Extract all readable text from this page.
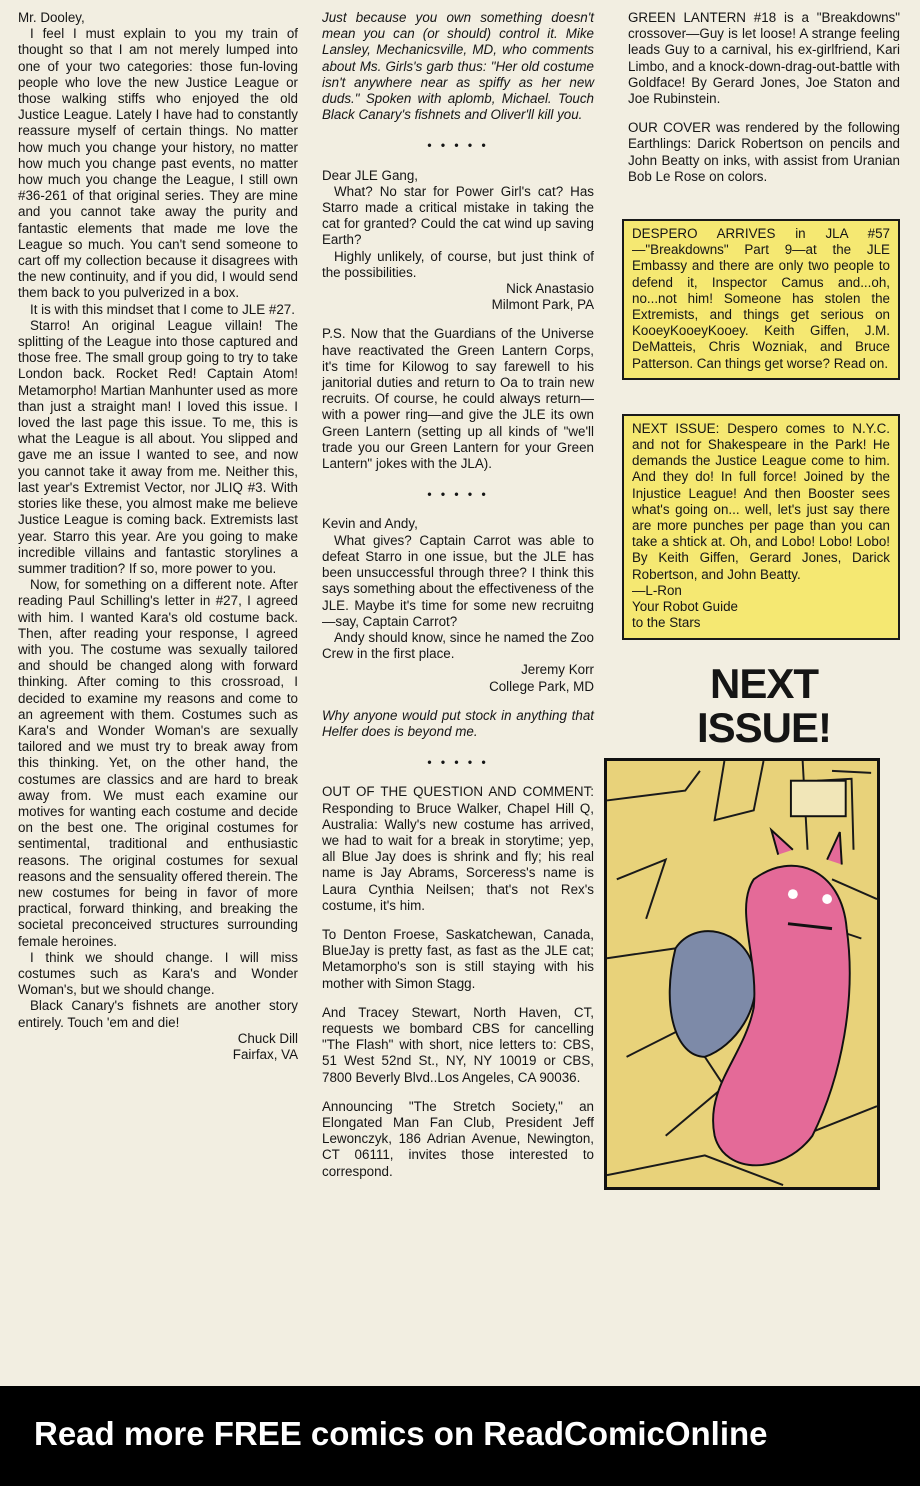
Mr. Dooley,

I feel I must explain to you my train of thought so that I am not merely lumped into one of your two categories: those fun-loving people who love the new Justice League or those walking stiffs who enjoyed the old Justice League. Lately I have had to constantly reassure myself of certain things. No matter how much you change your history, no matter how much you change past events, no matter how much you change the League, I still own #36-261 of that original series. They are mine and you cannot take away the purity and fantastic elements that made me love the League so much. You can't send someone to cart off my collection because it disagrees with the new continuity, and if you did, I would send them back to you pulverized in a box.

It is with this mindset that I come to JLE #27.

Starro! An original League villain! The splitting of the League into those captured and those free. The small group going to try to take London back. Rocket Red! Captain Atom! Metamorpho! Martian Manhunter used as more than just a straight man! I loved this issue. I loved the last page this issue. To me, this is what the League is all about. You slipped and gave me an issue I wanted to see, and now you cannot take it away from me. Neither this, last year's Extremist Vector, nor JLIQ #3. With stories like these, you almost make me believe Justice League is coming back. Extremists last year. Starro this year. Are you going to make incredible villains and fantastic storylines a summer tradition? If so, more power to you.

Now, for something on a different note. After reading Paul Schilling's letter in #27, I agreed with him. I wanted Kara's old costume back. Then, after reading your response, I agreed with you. The costume was sexually tailored and should be changed along with forward thinking. After coming to this crossroad, I decided to examine my reasons and come to an agreement with them. Costumes such as Kara's and Wonder Woman's are sexually tailored and we must try to break away from this thinking. Yet, on the other hand, the costumes are classics and are hard to break away from. We must each examine our motives for wanting each costume and decide on the best one. The original costumes for sentimental, traditional and enthusiastic reasons. The original costumes for sexual reasons and the sensuality offered therein. The new costumes for being in favor of more practical, forward thinking, and breaking the societal preconceived structures surrounding female heroines.

I think we should change. I will miss costumes such as Kara's and Wonder Woman's, but we should change.

Black Canary's fishnets are another story entirely. Touch 'em and die!

Chuck Dill

Fairfax, VA

Just because you own something doesn't mean you can (or should) control it. Mike Lansley, Mechanicsville, MD, who comments about Ms. Girls's garb thus: "Her old costume isn't anywhere near as spiffy as her new duds." Spoken with aplomb, Michael. Touch Black Canary's fishnets and Oliver'll kill you.

• • • • •

Dear JLE Gang,

What? No star for Power Girl's cat? Has Starro made a critical mistake in taking the cat for granted? Could the cat wind up saving Earth?

Highly unlikely, of course, but just think of the possibilities.

Nick Anastasio

Milmont Park, PA

P.S. Now that the Guardians of the Universe have reactivated the Green Lantern Corps, it's time for Kilowog to say farewell to his janitorial duties and return to Oa to train new recruits. Of course, he could always return—with a power ring—and give the JLE its own Green Lantern (setting up all kinds of "we'll trade you our Green Lantern for your Green Lantern" jokes with the JLA).

• • • • •

Kevin and Andy,

What gives? Captain Carrot was able to defeat Starro in one issue, but the JLE has been unsuccessful through three? I think this says something about the effectiveness of the JLE. Maybe it's time for some new recruitng—say, Captain Carrot?

Andy should know, since he named the Zoo Crew in the first place.

Jeremy Korr

College Park, MD

Why anyone would put stock in anything that Helfer does is beyond me.

• • • • •

OUT OF THE QUESTION AND COMMENT: Responding to Bruce Walker, Chapel Hill Q, Australia: Wally's new costume has arrived, we had to wait for a break in storytime; yep, all Blue Jay does is shrink and fly; his real name is Jay Abrams, Sorceress's name is Laura Cynthia Neilsen; that's not Rex's costume, it's him.

To Denton Froese, Saskatchewan, Canada, BlueJay is pretty fast, as fast as the JLE cat; Metamorpho's son is still staying with his mother with Simon Stagg.

And Tracey Stewart, North Haven, CT, requests we bombard CBS for cancelling "The Flash" with short, nice letters to: CBS, 51 West 52nd St., NY, NY 10019 or CBS, 7800 Beverly Blvd..Los Angeles, CA 90036.

Announcing "The Stretch Society," an Elongated Man Fan Club, President Jeff Lewonczyk, 186 Adrian Avenue, Newington, CT 06111, invites those interested to correspond.

GREEN LANTERN #18 is a "Breakdowns" crossover—Guy is let loose! A strange feeling leads Guy to a carnival, his ex-girlfriend, Kari Limbo, and a knock-down-drag-out-battle with Goldface! By Gerard Jones, Joe Staton and Joe Rubinstein.

OUR COVER was rendered by the following Earthlings: Darick Robertson on pencils and John Beatty on inks, with assist from Uranian Bob Le Rose on colors.

DESPERO ARRIVES in JLA #57—"Breakdowns" Part 9—at the JLE Embassy and there are only two people to defend it, Inspector Camus and...oh, no...not him! Someone has stolen the Extremists, and things get serious on KooeyKooeyKooey. Keith Giffen, J.M. DeMatteis, Chris Wozniak, and Bruce Patterson. Can things get worse? Read on.

NEXT ISSUE: Despero comes to N.Y.C. and not for Shakespeare in the Park! He demands the Justice League come to him. And they do! In full force! Joined by the Injustice League! And then Booster sees what's going on... well, let's just say there are more punches per page than you can take a shtick at. Oh, and Lobo! Lobo! Lobo! By Keith Giffen, Gerard Jones, Darick Robertson, and John Beatty.

—L-Ron

Your Robot Guide

to the Stars

NEXT

ISSUE!

Read more FREE comics on ReadComicOnline
